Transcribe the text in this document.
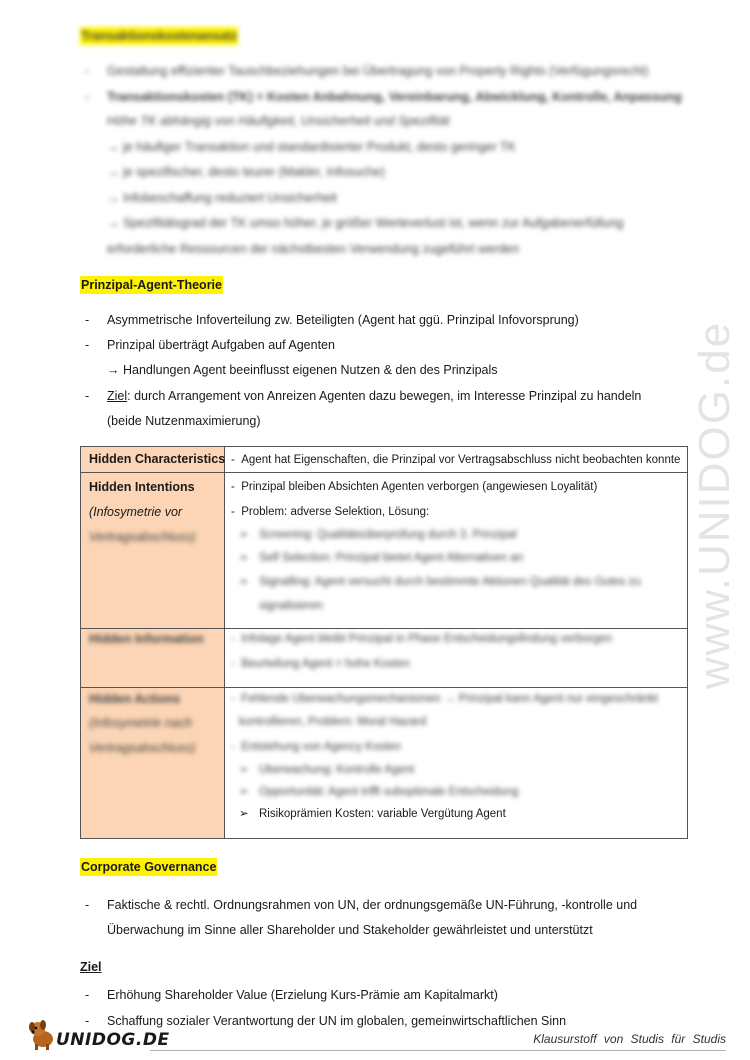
Transaktionskostenansatz
- Gestaltung effizienter Tauschbeziehungen bei Übertragung von Property Rights (Verfügungsrecht)
- Transaktionskosten (TK) = Kosten Anbahnung, Vereinbarung, Abwicklung, Kontrolle, Anpassung
Höhe TK abhängig von Häufigkeit, Unsicherheit und Spezifität
→ je häufiger Transaktion und standardisierter Produkt, desto geringer TK
→ je spezifischer, desto teurer (Makler, Infosuche)
→ Infobeschaffung reduziert Unsicherheit
→ Spezifitätsgrad der TK umso höher, je größer Werteverlust ist, wenn zur Aufgabenerfüllung
erforderliche Ressourcen der nächstbesten Verwendung zugeführt werden
Prinzipal-Agent-Theorie
- Asymmetrische Infoverteilung zw. Beteiligten (Agent hat ggü. Prinzipal Infovorsprung)
- Prinzipal überträgt Aufgaben auf Agenten
→ Handlungen Agent beeinflusst eigenen Nutzen & den des Prinzipals
- Ziel: durch Arrangement von Anreizen Agenten dazu bewegen, im Interesse Prinzipal zu handeln
(beide Nutzenmaximierung)
Hidden Characteristics -  Agent hat Eigenschaften, die Prinzipal vor Vertragsabschluss nicht beobachten konnte
Hidden Intentions
(Infosymetrie vor
Vertragsabschluss)
-  Prinzipal bleiben Absichten Agenten verborgen (angewiesen Loyalität)
-  Problem: adverse Selektion, Lösung:
➢ Screening: Qualitätsüberprüfung durch 3. Prinzipal
➢ Self Selection: Prinzipal bietet Agent Alternativen an
➢ Signalling: Agent versucht durch bestimmte Aktionen Qualität des Gutes zu
signalisieren
Hidden Information -  Infolage Agent bleibt Prinzipal in Phase Entscheidungsfindung verborgen
-  Beurteilung Agent = hohe Kosten
Hidden Actions
(Infosymetrie nach
Vertragsabschluss)
-  Fehlende Überwachungsmechanismen → Prinzipal kann Agent nur eingeschränkt
kontrollieren, Problem: Moral Hazard
-  Entstehung von Agency Kosten
➢ Überwachung: Kontrolle Agent
➢ Opportunität: Agent trifft suboptimale Entscheidung
➢ Risikoprämien Kosten: variable Vergütung Agent
Corporate Governance
- Faktische & rechtl. Ordnungsrahmen von UN, der ordnungsgemäße UN-Führung, -kontrolle und
Überwachung im Sinne aller Shareholder und Stakeholder gewährleistet und unterstützt
Ziel
- Erhöhung Shareholder Value (Erzielung Kurs-Prämie am Kapitalmarkt)
- Schaffung sozialer Verantwortung der UN im globalen, gemeinwirtschaftlichen Sinn
www.UNIDOG.de
UNIDOG.DE	Klausurstoff von Studis für Studis
